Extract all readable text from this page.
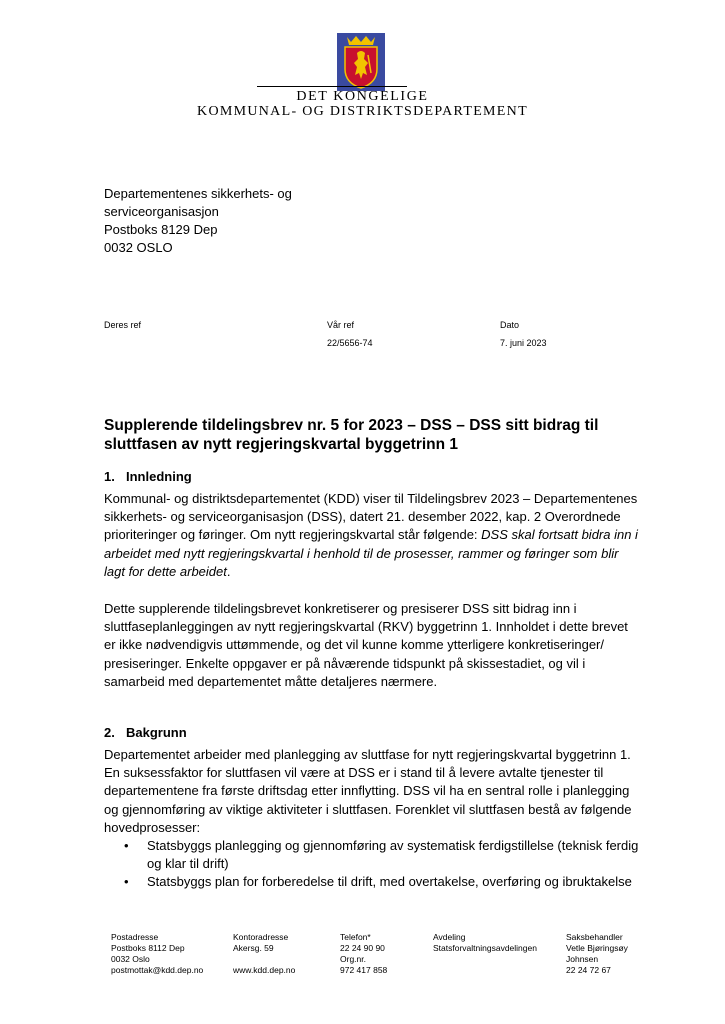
DET KONGELIGE
KOMMUNAL- OG DISTRIKTSDEPARTEMENT
Departementenes sikkerhets- og
serviceorganisasjon
Postboks 8129 Dep
0032 OSLO
Deres ref	Vår ref
22/5656-74
Dato
7. juni 2023
Supplerende tildelingsbrev nr. 5 for 2023 – DSS – DSS sitt bidrag til sluttfasen av nytt regjeringskvartal byggetrinn 1
1. Innledning
Kommunal- og distriktsdepartementet (KDD) viser til Tildelingsbrev 2023 – Departementenes
sikkerhets- og serviceorganisasjon (DSS), datert 21. desember 2022, kap. 2 Overordnede
prioriteringer og føringer. Om nytt regjeringskvartal står følgende: DSS skal fortsatt bidra inn i
arbeidet med nytt regjeringskvartal i henhold til de prosesser, rammer og føringer som blir
lagt for dette arbeidet.
Dette supplerende tildelingsbrevet konkretiserer og presiserer DSS sitt bidrag inn i
sluttfaseplanleggingen av nytt regjeringskvartal (RKV) byggetrinn 1. Innholdet i dette brevet
er ikke nødvendigvis uttømmende, og det vil kunne komme ytterligere konkretiseringer/
presiseringer. Enkelte oppgaver er på nåværende tidspunkt på skissestadiet, og vil i
samarbeid med departementet måtte detaljeres nærmere.
2. Bakgrunn
Departementet arbeider med planlegging av sluttfase for nytt regjeringskvartal byggetrinn 1.
En suksessfaktor for sluttfasen vil være at DSS er i stand til å levere avtalte tjenester til
departementene fra første driftsdag etter innflytting. DSS vil ha en sentral rolle i planlegging
og gjennomføring av viktige aktiviteter i sluttfasen. Forenklet vil sluttfasen bestå av følgende
hovedprosesser:
• Statsbyggs planlegging og gjennomføring av systematisk ferdigstillelse (teknisk ferdig
og klar til drift)
• Statsbyggs plan for forberedelse til drift, med overtakelse, overføring og ibruktakelse
Postadresse
Postboks 8112 Dep
0032 Oslo
postmottak@kdd.dep.no
Kontoradresse
Akersg. 59
www.kdd.dep.no
Telefon*
22 24 90 90
Org.nr.
972 417 858
Avdeling
Statsforvaltningsavdelingen
Saksbehandler
Vetle Bjøringsøy
Johnsen
22 24 72 67
